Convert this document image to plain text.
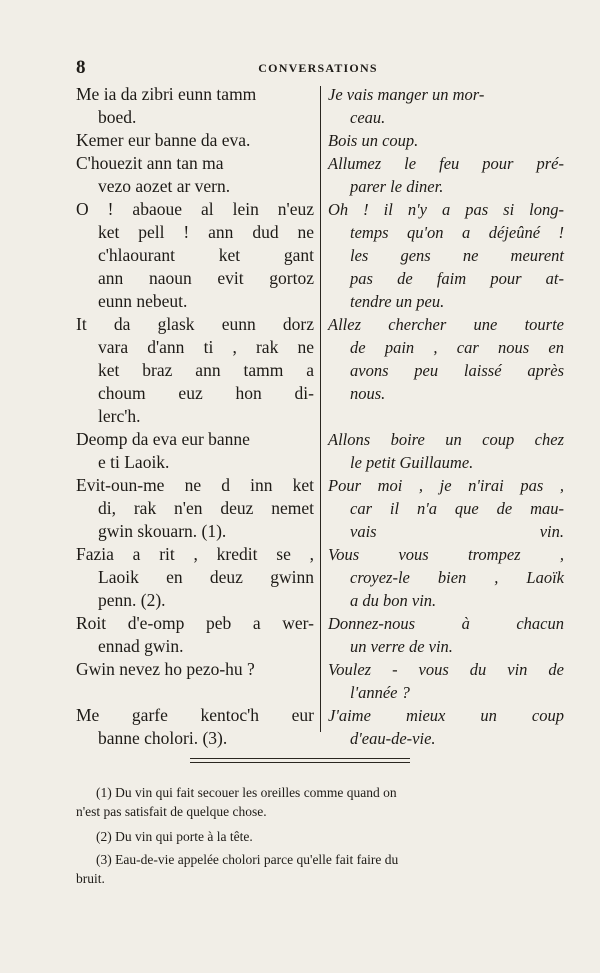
8	CONVERSATIONS
Me ia da zibri eunn tamm
boed.
Kemer eur banne da eva.
C'houezit ann tan ma
vezo aozet ar vern.
O ! abaoue al lein n'euz
ket pell ! ann dud ne
c'hlaourant ket gant
ann naoun evit gortoz
eunn nebeut.
It da glask eunn dorz
vara d'ann ti , rak ne
ket braz ann tamm a
choum euz hon di-
lerc'h.
Deomp da eva eur banne
e ti Laoik.
Evit-oun-me ne d inn ket
di, rak n'en deuz nemet
gwin skouarn. (1).
Fazia a rit , kredit se ,
Laoik en deuz gwinn
penn. (2).
Roit d'e-omp peb a wer-
ennad gwin.
Gwin nevez ho pezo-hu ?
Me garfe kentoc'h eur
banne cholori. (3).
Je vais manger un mor-
ceau.
Bois un coup.
Allumez le feu pour pré-
parer le diner.
Oh ! il n'y a pas si long-
temps qu'on a déjeûné !
les gens ne meurent
pas de faim pour at-
tendre un peu.
Allez chercher une tourte
de pain , car nous en
avons peu laissé après
nous.
Allons boire un coup chez
le petit Guillaume.
Pour moi , je n'irai pas ,
car il n'a que de mau-
vais vin.
Vous vous trompez ,
croyez-le bien , Laoïk
a du bon vin.
Donnez-nous à chacun
un verre de vin.
Voulez - vous du vin de
l'année ?
J'aime mieux un coup
d'eau-de-vie.
(1) Du vin qui fait secouer les oreilles comme quand on
n'est pas satisfait de quelque chose.
(2) Du vin qui porte à la tête.
(3) Eau-de-vie appelée cholori parce qu'elle fait faire du
bruit.
